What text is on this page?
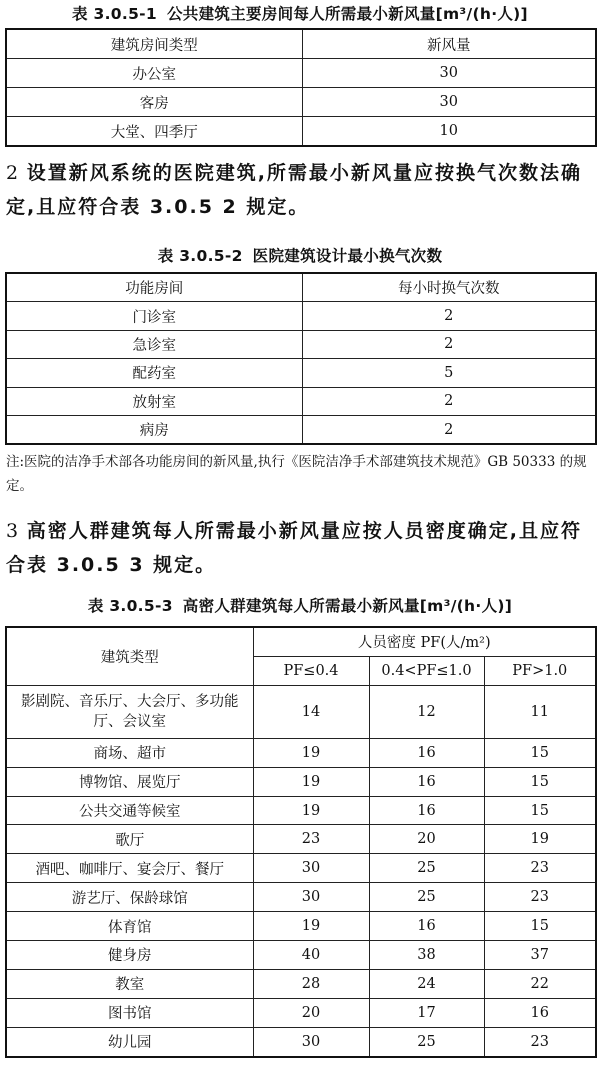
表 3.0.5-1 公共建筑主要房间每人所需最小新风量[m³/(h·人)]
建筑房间类型	新风量
办公室	30
客房	30
大堂、四季厅	10
2 设置新风系统的医院建筑,所需最小新风量应按换气次数法确定,且应符合表 3.0.5 2 规定。
表 3.0.5-2 医院建筑设计最小换气次数
功能房间	每小时换气次数
门诊室	2
急诊室	2
配药室	5
放射室	2
病房	2
注:医院的洁净手术部各功能房间的新风量,执行《医院洁净手术部建筑技术规范》GB 50333 的规定。
3 高密人群建筑每人所需最小新风量应按人员密度确定,且应符合表 3.0.5 3 规定。
表 3.0.5-3 高密人群建筑每人所需最小新风量[m³/(h·人)]
建筑类型	人员密度 PF(人/m²)		
	PF≤0.4	0.4<PF≤1.0	PF>1.0
影剧院、音乐厅、大会厅、多功能厅、会议室	14	12	11
商场、超市	19	16	15
博物馆、展览厅	19	16	15
公共交通等候室	19	16	15
歌厅	23	20	19
酒吧、咖啡厅、宴会厅、餐厅	30	25	23
游艺厅、保龄球馆	30	25	23
体育馆	19	16	15
健身房	40	38	37
教室	28	24	22
图书馆	20	17	16
幼儿园	30	25	23
